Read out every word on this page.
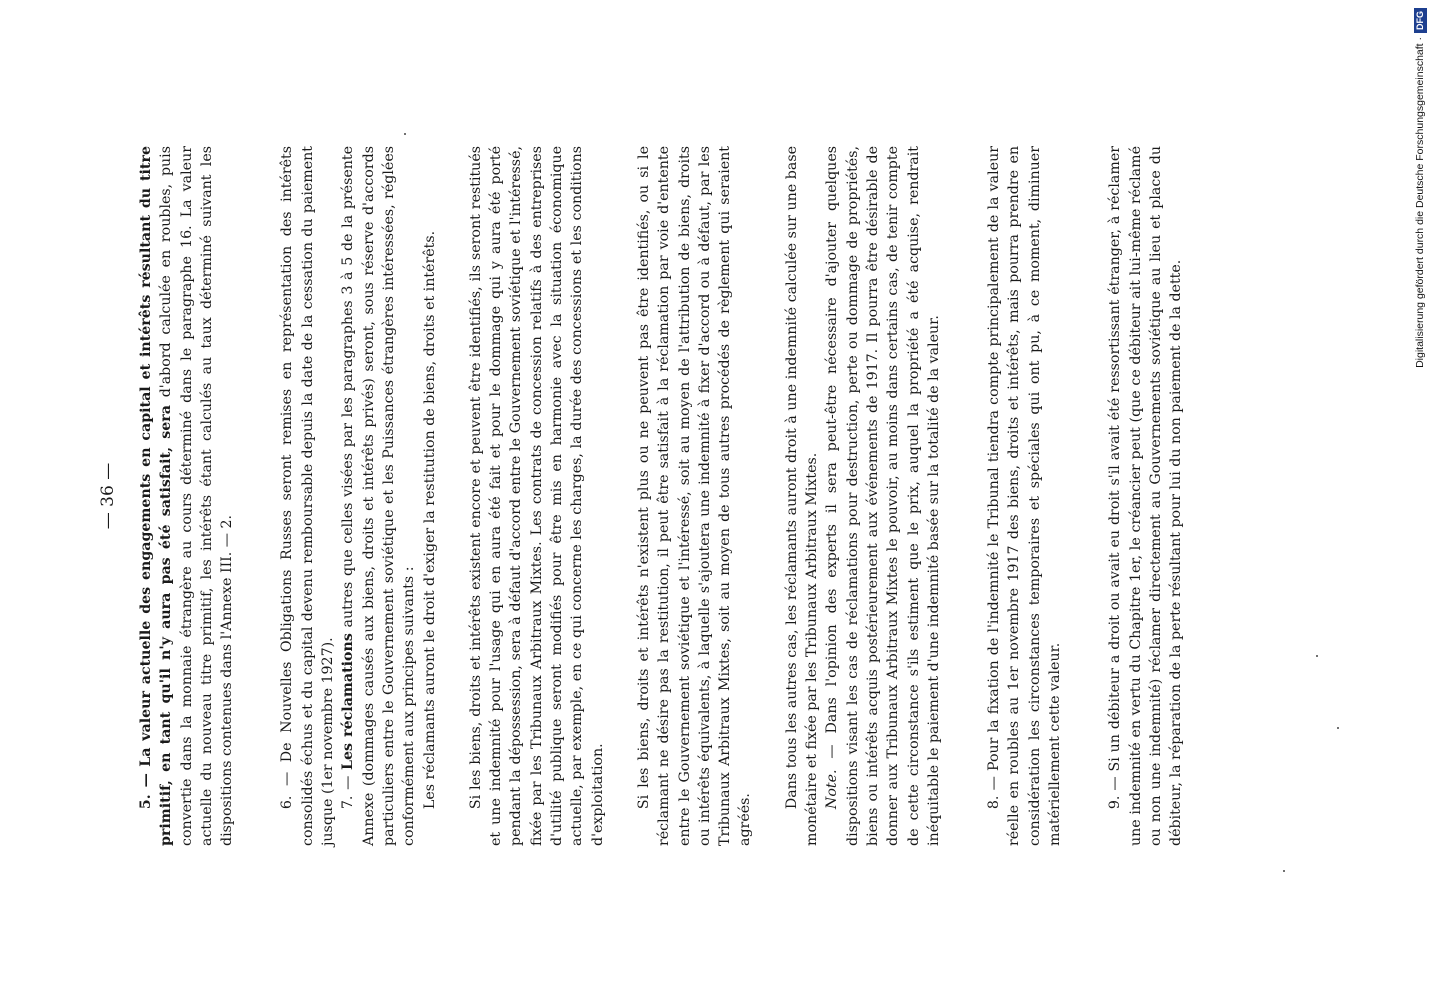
— 36 —

5. — La valeur actuelle des engagements en capital et intérêts résultant du titre primitif, en tant qu'il n'y aura pas été satisfait, sera d'abord calculée en roubles, puis convertie dans la monnaie étrangère au cours déterminé dans le paragraphe 16. La valeur actuelle du nouveau titre primitif, les intérêts étant calculés au taux déterminé suivant les dispositions contenues dans l'Annexe III. — 2.	6. — De Nouvelles Obligations Russes seront remises en représentation des intérêts consolidés échus et du capital devenu remboursable depuis la date de la cessation du paiement jusque (1er novembre 1927). 7. — Les réclamations autres que celles visées par les paragraphes 3 à 5 de la présente Annexe (dommages causés aux biens, droits et intérêts privés) seront, sous réserve d'accords particuliers entre le Gouvernement soviétique et les Puissances étrangères intéressées, réglées conformément aux principes suivants : Les réclamants auront le droit d'exiger la restitution de biens, droits et intérêts. Si les biens, droits et intérêts existent encore et peuvent être identifiés, ils seront restitués et une indemnité pour l'usage qui en aura été fait et pour le dommage qui y aura été porté pendant la dépossession, sera à défaut d'accord entre le Gouvernement soviétique et l'intéressé, fixée par les Tribunaux Arbitraux Mixtes. Les contrats de concession relatifs à des entreprises d'utilité publique seront modifiés pour être mis en harmonie avec la situation économique actuelle, par exemple, en ce qui concerne les charges, la durée des concessions et les conditions d'exploitation. Si les biens, droits et intérêts n'existent plus ou ne peuvent pas être identifiés, ou si le réclamant ne désire pas la restitution, il peut être satisfait à la réclamation par voie d'entente entre le Gouvernement soviétique et l'intéressé, soit au moyen de l'attribution de biens, droits ou intérêts équivalents, à laquelle s'ajoutera une indemnité à fixer d'accord ou à défaut, par les Tribunaux Arbitraux Mixtes, soit au moyen de tous autres procédés de règlement qui seraient agréés.

Dans tous les autres cas, les réclamants auront droit à une indemnité calculée sur une base monétaire et fixée par les Tribunaux Arbitraux Mixtes. Note. — Dans l'opinion des experts il sera peut-être nécessaire d'ajouter quelques dispositions visant les cas de réclamations pour destruction, perte ou dommage de propriétés, biens ou intérêts acquis postérieurement aux événements de 1917. Il pourra être désirable de donner aux Tribunaux Arbitraux Mixtes le pouvoir, au moins dans certains cas, de tenir compte de cette circonstance s'ils estiment que le prix, auquel la propriété a été acquise, rendrait inéquitable le paiement d'une indemnité basée sur la totalité de la valeur.	8. — Pour la fixation de l'indemnité le Tribunal tiendra compte principalement de la valeur réelle en roubles au 1er novembre 1917 des biens, droits et intérêts, mais pourra prendre en considération les circonstances temporaires et spéciales qui ont pu, à ce moment, diminuer matériellement cette valeur.	9. — Si un débiteur a droit ou avait eu droit s'il avait été ressortissant étranger, à réclamer une indemnité en vertu du Chapitre 1er, le créancier peut (que ce débiteur ait lui-même réclamé ou non une indemnité) réclamer directement au Gouvernements soviétique au lieu et place du débiteur, la réparation de la perte résultant pour lui du non paiement de la dette.

Digitalisierung gefördert durch die Deutsche Forschungsgemeinschaft ·DFG
